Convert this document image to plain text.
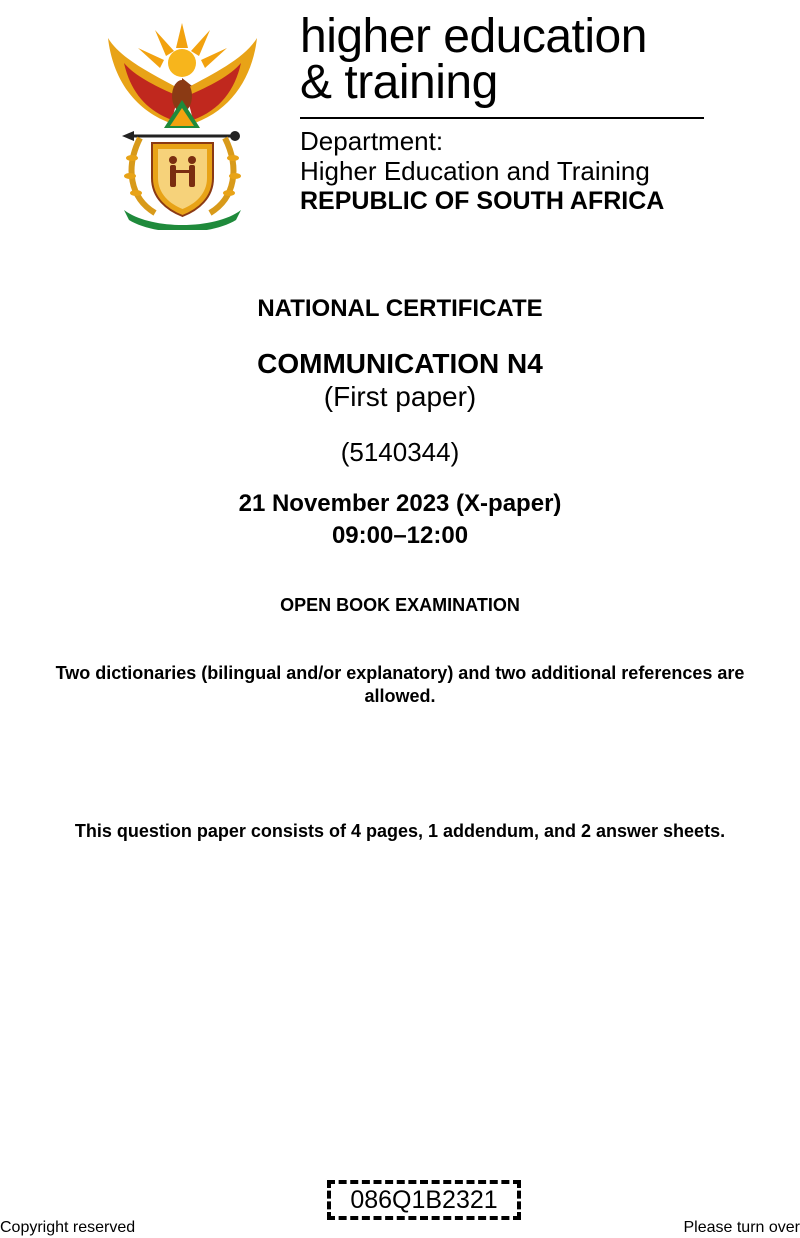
higher education
& training
Department:
Higher Education and Training
REPUBLIC OF SOUTH AFRICA
NATIONAL CERTIFICATE
COMMUNICATION N4
(First paper)
(5140344)
21 November 2023 (X-paper)
09:00–12:00
OPEN BOOK EXAMINATION
Two dictionaries (bilingual and/or explanatory) and two additional references are allowed.
This question paper consists of 4 pages, 1 addendum, and 2 answer sheets.
086Q1B2321
Copyright reserved	Please turn over
